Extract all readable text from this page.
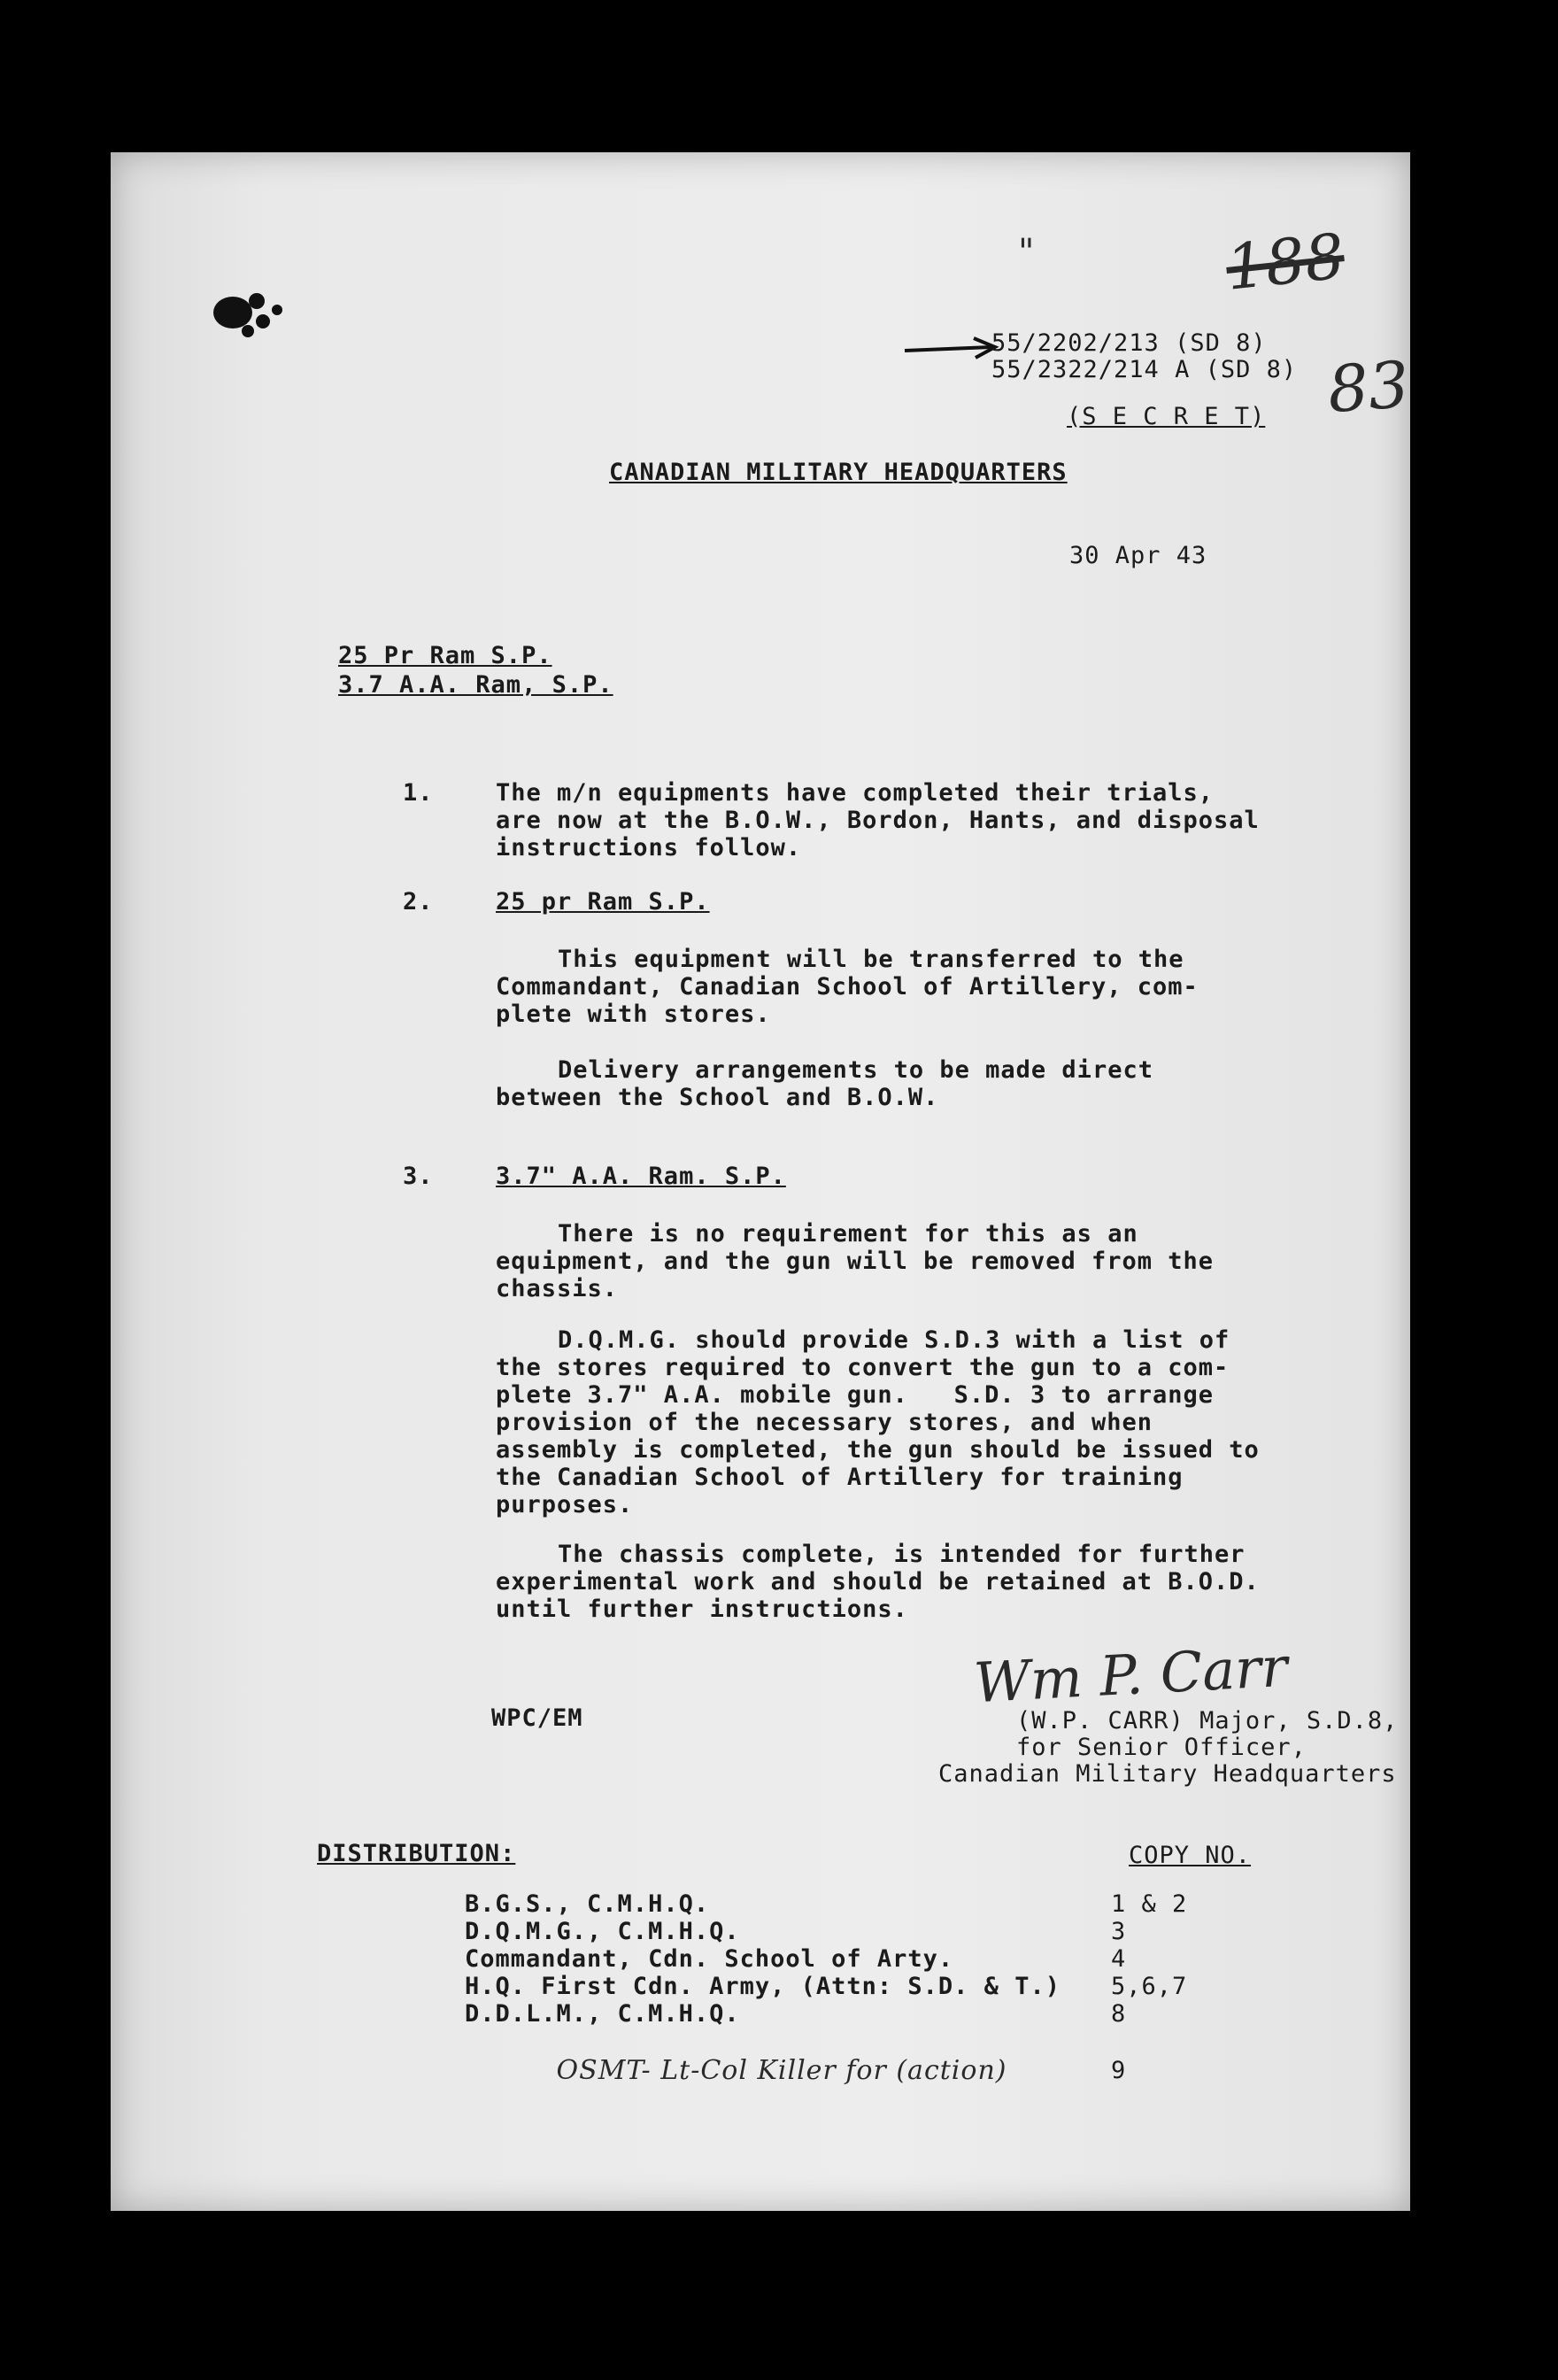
188
83
"
55/2202/213 (SD 8)
55/2322/214 A (SD 8)
(S E C R E T)
CANADIAN MILITARY HEADQUARTERS
30 Apr 43
25 Pr Ram S.P.
3.7 A.A. Ram, S.P.
1.	The m/n equipments have completed their trials,
are now at the B.O.W., Bordon, Hants, and disposal
instructions follow.
2.	25 pr Ram S.P.
This equipment will be transferred to the
Commandant, Canadian School of Artillery, com-
plete with stores.
Delivery arrangements to be made direct
between the School and B.O.W.
3.	3.7" A.A. Ram. S.P.
There is no requirement for this as an
equipment, and the gun will be removed from the
chassis.
D.Q.M.G. should provide S.D.3 with a list of
the stores required to convert the gun to a com-
plete 3.7" A.A. mobile gun.   S.D. 3 to arrange
provision of the necessary stores, and when
assembly is completed, the gun should be issued to
the Canadian School of Artillery for training
purposes.
The chassis complete, is intended for further
experimental work and should be retained at B.O.D.
until further instructions.
WPC/EM
Wm P. Carr
(W.P. CARR) Major, S.D.8,
for Senior Officer,
Canadian Military Headquarters
DISTRIBUTION:	COPY NO.
B.G.S., C.M.H.Q.	1 & 2
D.Q.M.G., C.M.H.Q.	3
Commandant, Cdn. School of Arty.	4
H.Q. First Cdn. Army, (Attn: S.D. & T.)	5,6,7
D.D.L.M., C.M.H.Q.	8

OSMT- Lt-Col Killer for (action)	9
